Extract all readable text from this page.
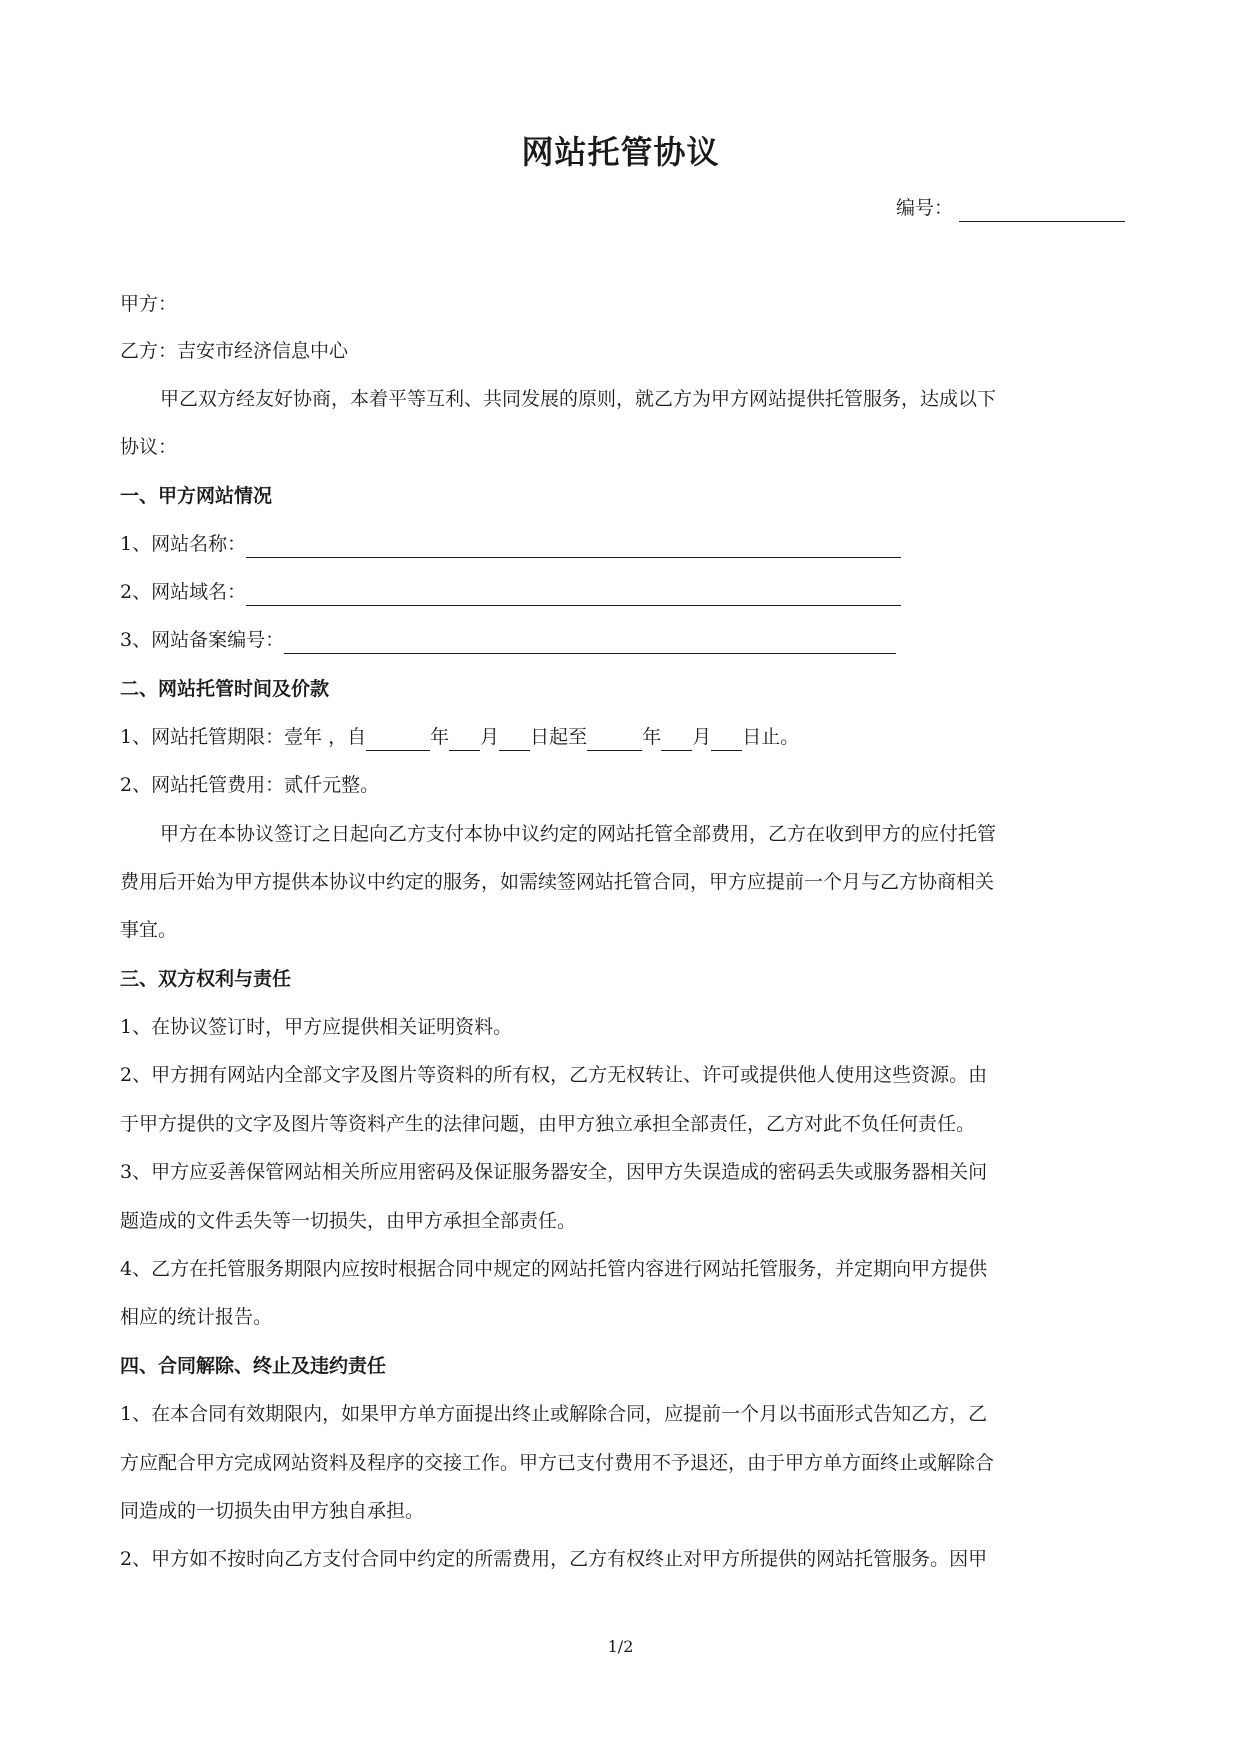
网站托管协议
编号：
甲方：
乙方：吉安市经济信息中心
甲乙双方经友好协商，本着平等互利、共同发展的原则，就乙方为甲方网站提供托管服务，达成以下
协议：
一、甲方网站情况
1、网站名称：
2、网站域名：
3、网站备案编号：
二、网站托管时间及价款
1、网站托管期限：壹年 ，自	年 月 日起至	年 月 日止。
2、网站托管费用：贰仟元整。
甲方在本协议签订之日起向乙方支付本协中议约定的网站托管全部费用，乙方在收到甲方的应付托管
费用后开始为甲方提供本协议中约定的服务，如需续签网站托管合同，甲方应提前一个月与乙方协商相关
事宜。
三、双方权利与责任
1、在协议签订时，甲方应提供相关证明资料。
2、甲方拥有网站内全部文字及图片等资料的所有权，乙方无权转让、许可或提供他人使用这些资源。由
于甲方提供的文字及图片等资料产生的法律问题，由甲方独立承担全部责任，乙方对此不负任何责任。
3、甲方应妥善保管网站相关所应用密码及保证服务器安全，因甲方失误造成的密码丢失或服务器相关问
题造成的文件丢失等一切损失，由甲方承担全部责任。
4、乙方在托管服务期限内应按时根据合同中规定的网站托管内容进行网站托管服务，并定期向甲方提供
相应的统计报告。
四、合同解除、终止及违约责任
1、在本合同有效期限内，如果甲方单方面提出终止或解除合同，应提前一个月以书面形式告知乙方，乙
方应配合甲方完成网站资料及程序的交接工作。甲方已支付费用不予退还，由于甲方单方面终止或解除合
同造成的一切损失由甲方独自承担。
2、甲方如不按时向乙方支付合同中约定的所需费用，乙方有权终止对甲方所提供的网站托管服务。因甲
1/2
